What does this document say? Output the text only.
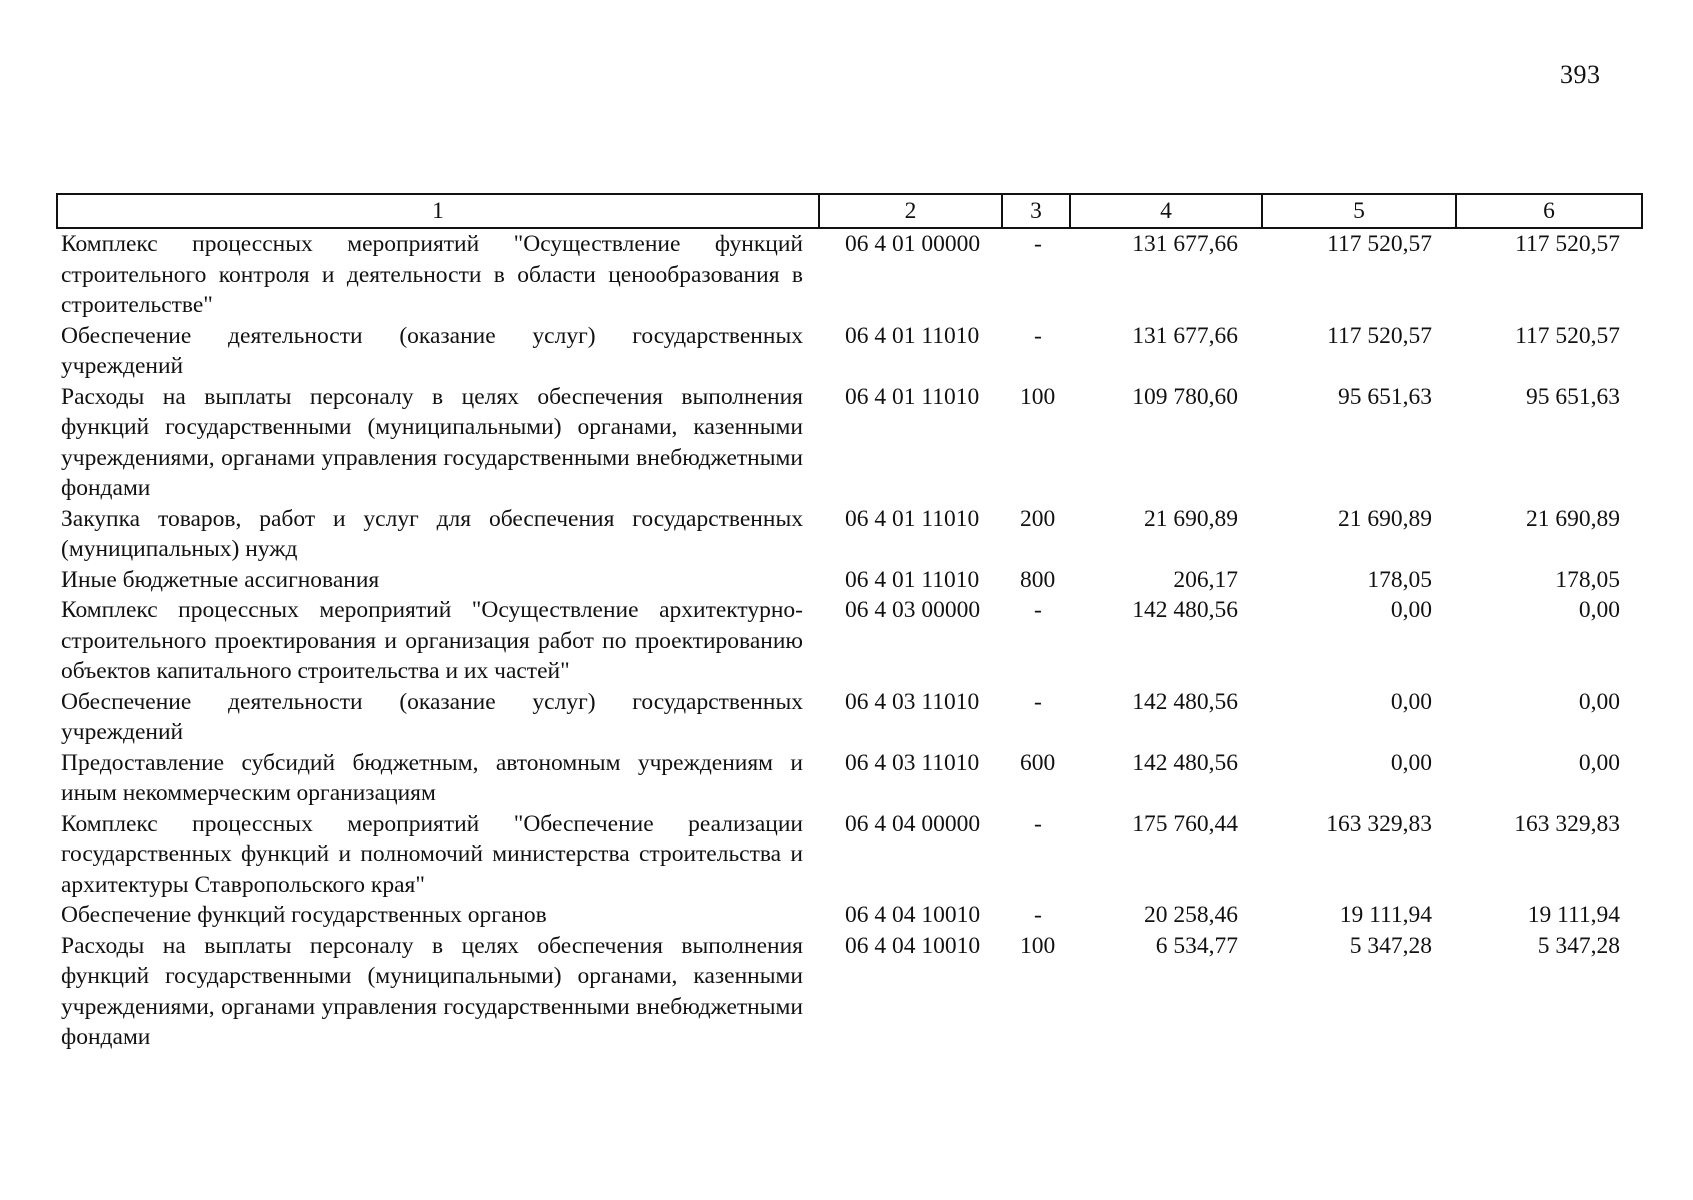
393
1	2	3	4	5	6
Комплекс процессных мероприятий "Осуществление функций строительного контроля и деятельности в области ценообразования в строительстве"	06 4 01 00000	-	131 677,66	117 520,57	117 520,57
Обеспечение деятельности (оказание услуг) государственных учреждений	06 4 01 11010	-	131 677,66	117 520,57	117 520,57
Расходы на выплаты персоналу в целях обеспечения выполнения функций государственными (муниципальными) органами, казенными учреждениями, органами управления государственными внебюджетными фондами	06 4 01 11010	100	109 780,60	95 651,63	95 651,63
Закупка товаров, работ и услуг для обеспечения государственных (муниципальных) нужд	06 4 01 11010	200	21 690,89	21 690,89	21 690,89
Иные бюджетные ассигнования	06 4 01 11010	800	206,17	178,05	178,05
Комплекс процессных мероприятий "Осуществление архитектурно-строительного проектирования и организация работ по проектированию объектов капитального строительства и их частей"	06 4 03 00000	-	142 480,56	0,00	0,00
Обеспечение деятельности (оказание услуг) государственных учреждений	06 4 03 11010	-	142 480,56	0,00	0,00
Предоставление субсидий бюджетным, автономным учреждениям и иным некоммерческим организациям	06 4 03 11010	600	142 480,56	0,00	0,00
Комплекс процессных мероприятий "Обеспечение реализации государственных функций и полномочий министерства строительства и архитектуры Ставропольского края"	06 4 04 00000	-	175 760,44	163 329,83	163 329,83
Обеспечение функций государственных органов	06 4 04 10010	-	20 258,46	19 111,94	19 111,94
Расходы на выплаты персоналу в целях обеспечения выполнения функций государственными (муниципальными) органами, казенными учреждениями, органами управления государственными внебюджетными фондами	06 4 04 10010	100	6 534,77	5 347,28	5 347,28
